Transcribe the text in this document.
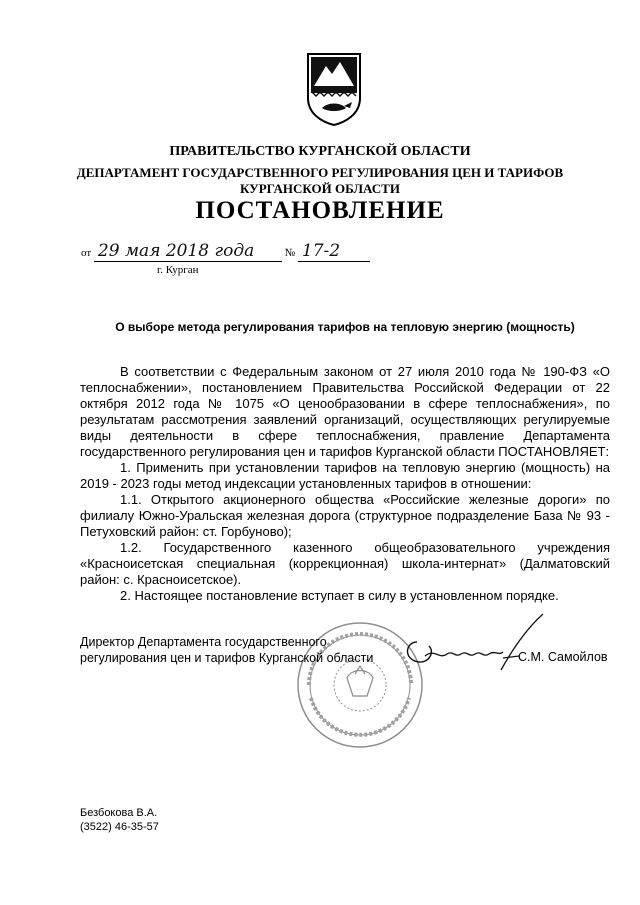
ПРАВИТЕЛЬСТВО КУРГАНСКОЙ ОБЛАСТИ
ДЕПАРТАМЕНТ ГОСУДАРСТВЕННОГО РЕГУЛИРОВАНИЯ ЦЕН И ТАРИФОВ
КУРГАНСКОЙ ОБЛАСТИ
ПОСТАНОВЛЕНИЕ
от 29 мая 2018 года	№ 17-2
г. Курган
О выборе метода регулирования тарифов на тепловую энергию (мощность)

В соответствии с Федеральным законом от 27 июля 2010 года № 190-ФЗ «О теплоснабжении», постановлением Правительства Российской Федерации от 22 октября 2012 года № 1075 «О ценообразовании в сфере теплоснабжения», по результатам рассмотрения заявлений организаций, осуществляющих регулируемые виды деятельности в сфере теплоснабжения, правление Департамента государственного регулирования цен и тарифов Курганской области ПОСТАНОВЛЯЕТ:

1. Применить при установлении тарифов на тепловую энергию (мощность) на 2019 - 2023 годы метод индексации установленных тарифов в отношении:

1.1. Открытого акционерного общества «Российские железные дороги» по филиалу Южно-Уральская железная дорога (структурное подразделение База № 93 - Петуховский район: ст. Горбуново);

1.2. Государственного казенного общеобразовательного учреждения «Красноисетская специальная (коррекционная) школа-интернат» (Далматовский район: с. Красноисетское).

2. Настоящее постановление вступает в силу в установленном порядке.

Директор Департамента государственного
регулирования цен и тарифов Курганской области	С.М. Самойлов
Безбокова В.А.
(3522) 46-35-57
